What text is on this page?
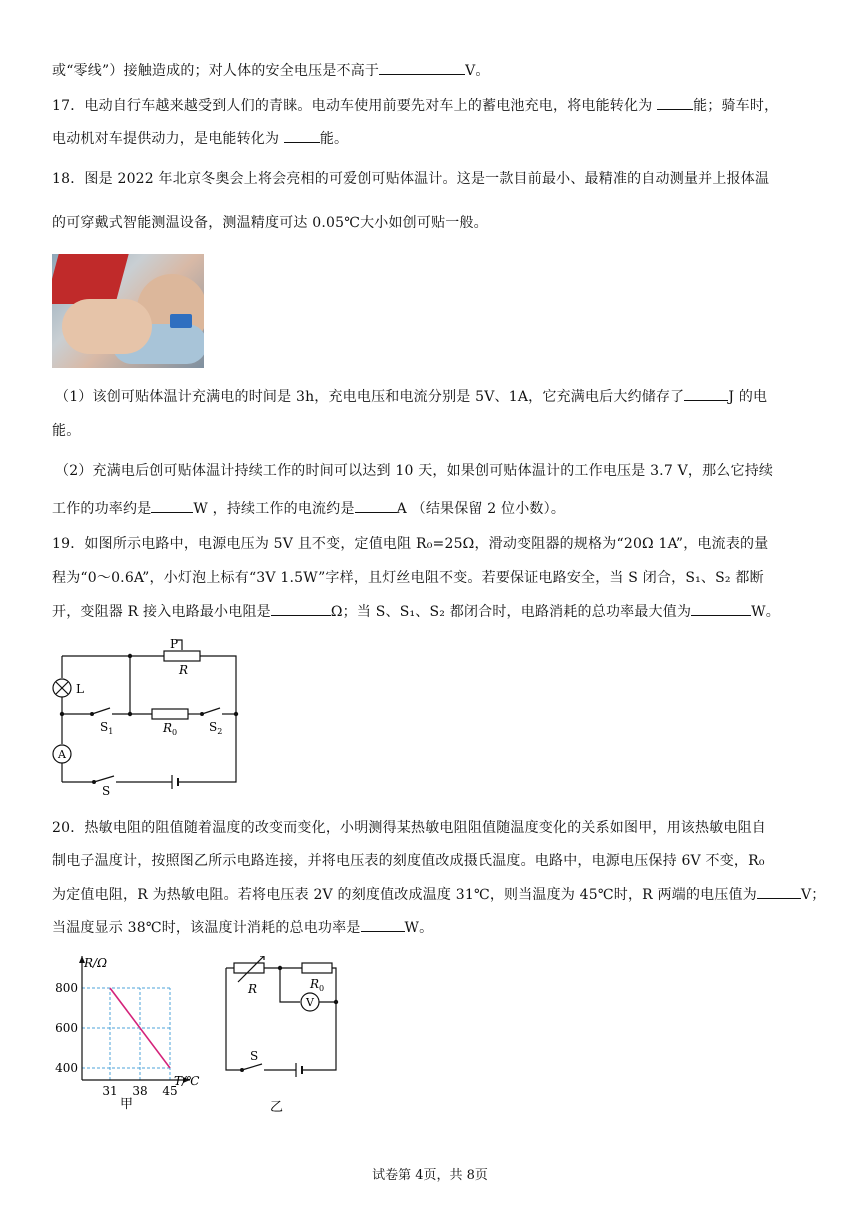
或“零线”）接触造成的；对人体的安全电压是不高于	V。
17．电动自行车越来越受到人们的青睐。电动车使用前要先对车上的蓄电池充电，将电能转化为	能；骑车时，
电动机对车提供动力，是电能转化为	能。
18．图是 2022 年北京冬奥会上将会亮相的可爱创可贴体温计。这是一款目前最小、最精准的自动测量并上报体温
的可穿戴式智能测温设备，测温精度可达 0.05℃大小如创可贴一般。
（1）该创可贴体温计充满电的时间是 3h，充电电压和电流分别是 5V、1A，它充满电后大约储存了	J 的电
能。
（2）充满电后创可贴体温计持续工作的时间可以达到 10 天，如果创可贴体温计的工作电压是 3.7 V，那么它持续
工作的功率约是	W ，持续工作的电流约是	A （结果保留 2 位小数）。
19．如图所示电路中，电源电压为 5V 且不变，定值电阻 R₀=25Ω，滑动变阻器的规格为“20Ω 1A”，电流表的量
程为“0～0.6A”，小灯泡上标有“3V 1.5W”字样，且灯丝电阻不变。若要保证电路安全，当 S 闭合，S₁、S₂ 都断
开，变阻器 R 接入电路最小电阻是	Ω；当 S、S₁、S₂ 都闭合时，电路消耗的总功率最大值为	W。
P
R
L
$S_1$	$R_0$	$S_2$
A
S
20．热敏电阻的阻值随着温度的改变而变化，小明测得某热敏电阻阻值随温度变化的关系如图甲，用该热敏电阻自
制电子温度计，按照图乙所示电路连接，并将电压表的刻度值改成摄氏温度。电路中，电源电压保持 6V 不变，R₀
为定值电阻，R 为热敏电阻。若将电压表 2V 的刻度值改成温度 31℃，则当温度为 45℃时，R 两端的电压值为	V；
当温度显示 38℃时，该温度计消耗的总电功率是	W。
400
600
800
31 38 45
R/Ω
T/℃
甲
R	$R_0$
V
S
乙
试卷第 4页，共 8页
